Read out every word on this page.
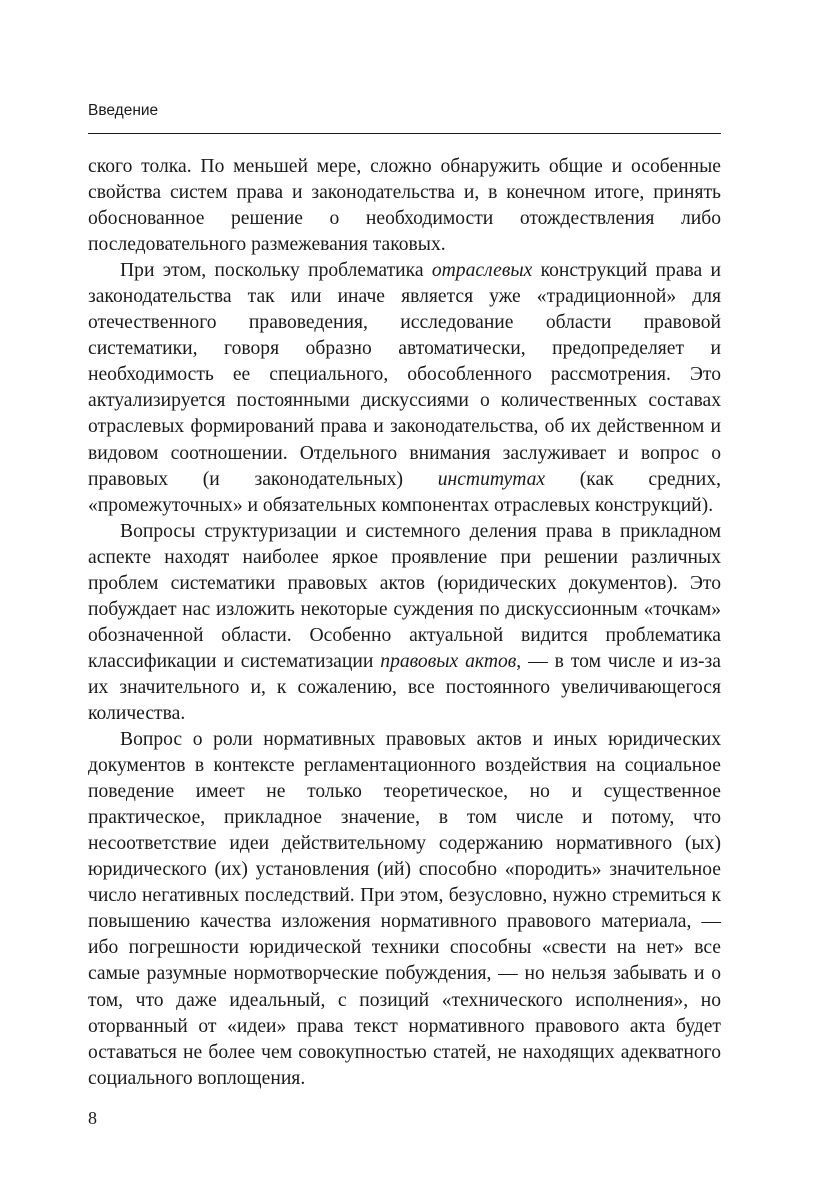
Введение

ского толка. По меньшей мере, сложно обнаружить общие и особенные свойства систем права и законодательства и, в конечном итоге, принять обоснованное решение о необходимости отождествления либо последовательного размежевания таковых.

При этом, поскольку проблематика отраслевых конструкций права и законодательства так или иначе является уже «традиционной» для отечественного правоведения, исследование области правовой систематики, говоря образно автоматически, предопределяет и необходимость ее специального, обособленного рассмотрения. Это актуализируется постоянными дискуссиями о количественных составах отраслевых формирований права и законодательства, об их действенном и видовом соотношении. Отдельного внимания заслуживает и вопрос о правовых (и законодательных) институтах (как средних, «промежуточных» и обязательных компонентах отраслевых конструкций).

Вопросы структуризации и системного деления права в прикладном аспекте находят наиболее яркое проявление при решении различных проблем систематики правовых актов (юридических документов). Это побуждает нас изложить некоторые суждения по дискуссионным «точкам» обозначенной области. Особенно актуальной видится проблематика классификации и систематизации правовых актов, — в том числе и из-за их значительного и, к сожалению, все постоянного увеличивающегося количества.

Вопрос о роли нормативных правовых актов и иных юридических документов в контексте регламентационного воздействия на социальное поведение имеет не только теоретическое, но и существенное практическое, прикладное значение, в том числе и потому, что несоответствие идеи действительному содержанию нормативного (ых) юридического (их) установления (ий) способно «породить» значительное число негативных последствий. При этом, безусловно, нужно стремиться к повышению качества изложения нормативного правового материала, — ибо погрешности юридической техники способны «свести на нет» все самые разумные нормотворческие побуждения, — но нельзя забывать и о том, что даже идеальный, с позиций «технического исполнения», но оторванный от «идеи» права текст нормативного правового акта будет оставаться не более чем совокупностью статей, не находящих адекватного социального воплощения.

8
